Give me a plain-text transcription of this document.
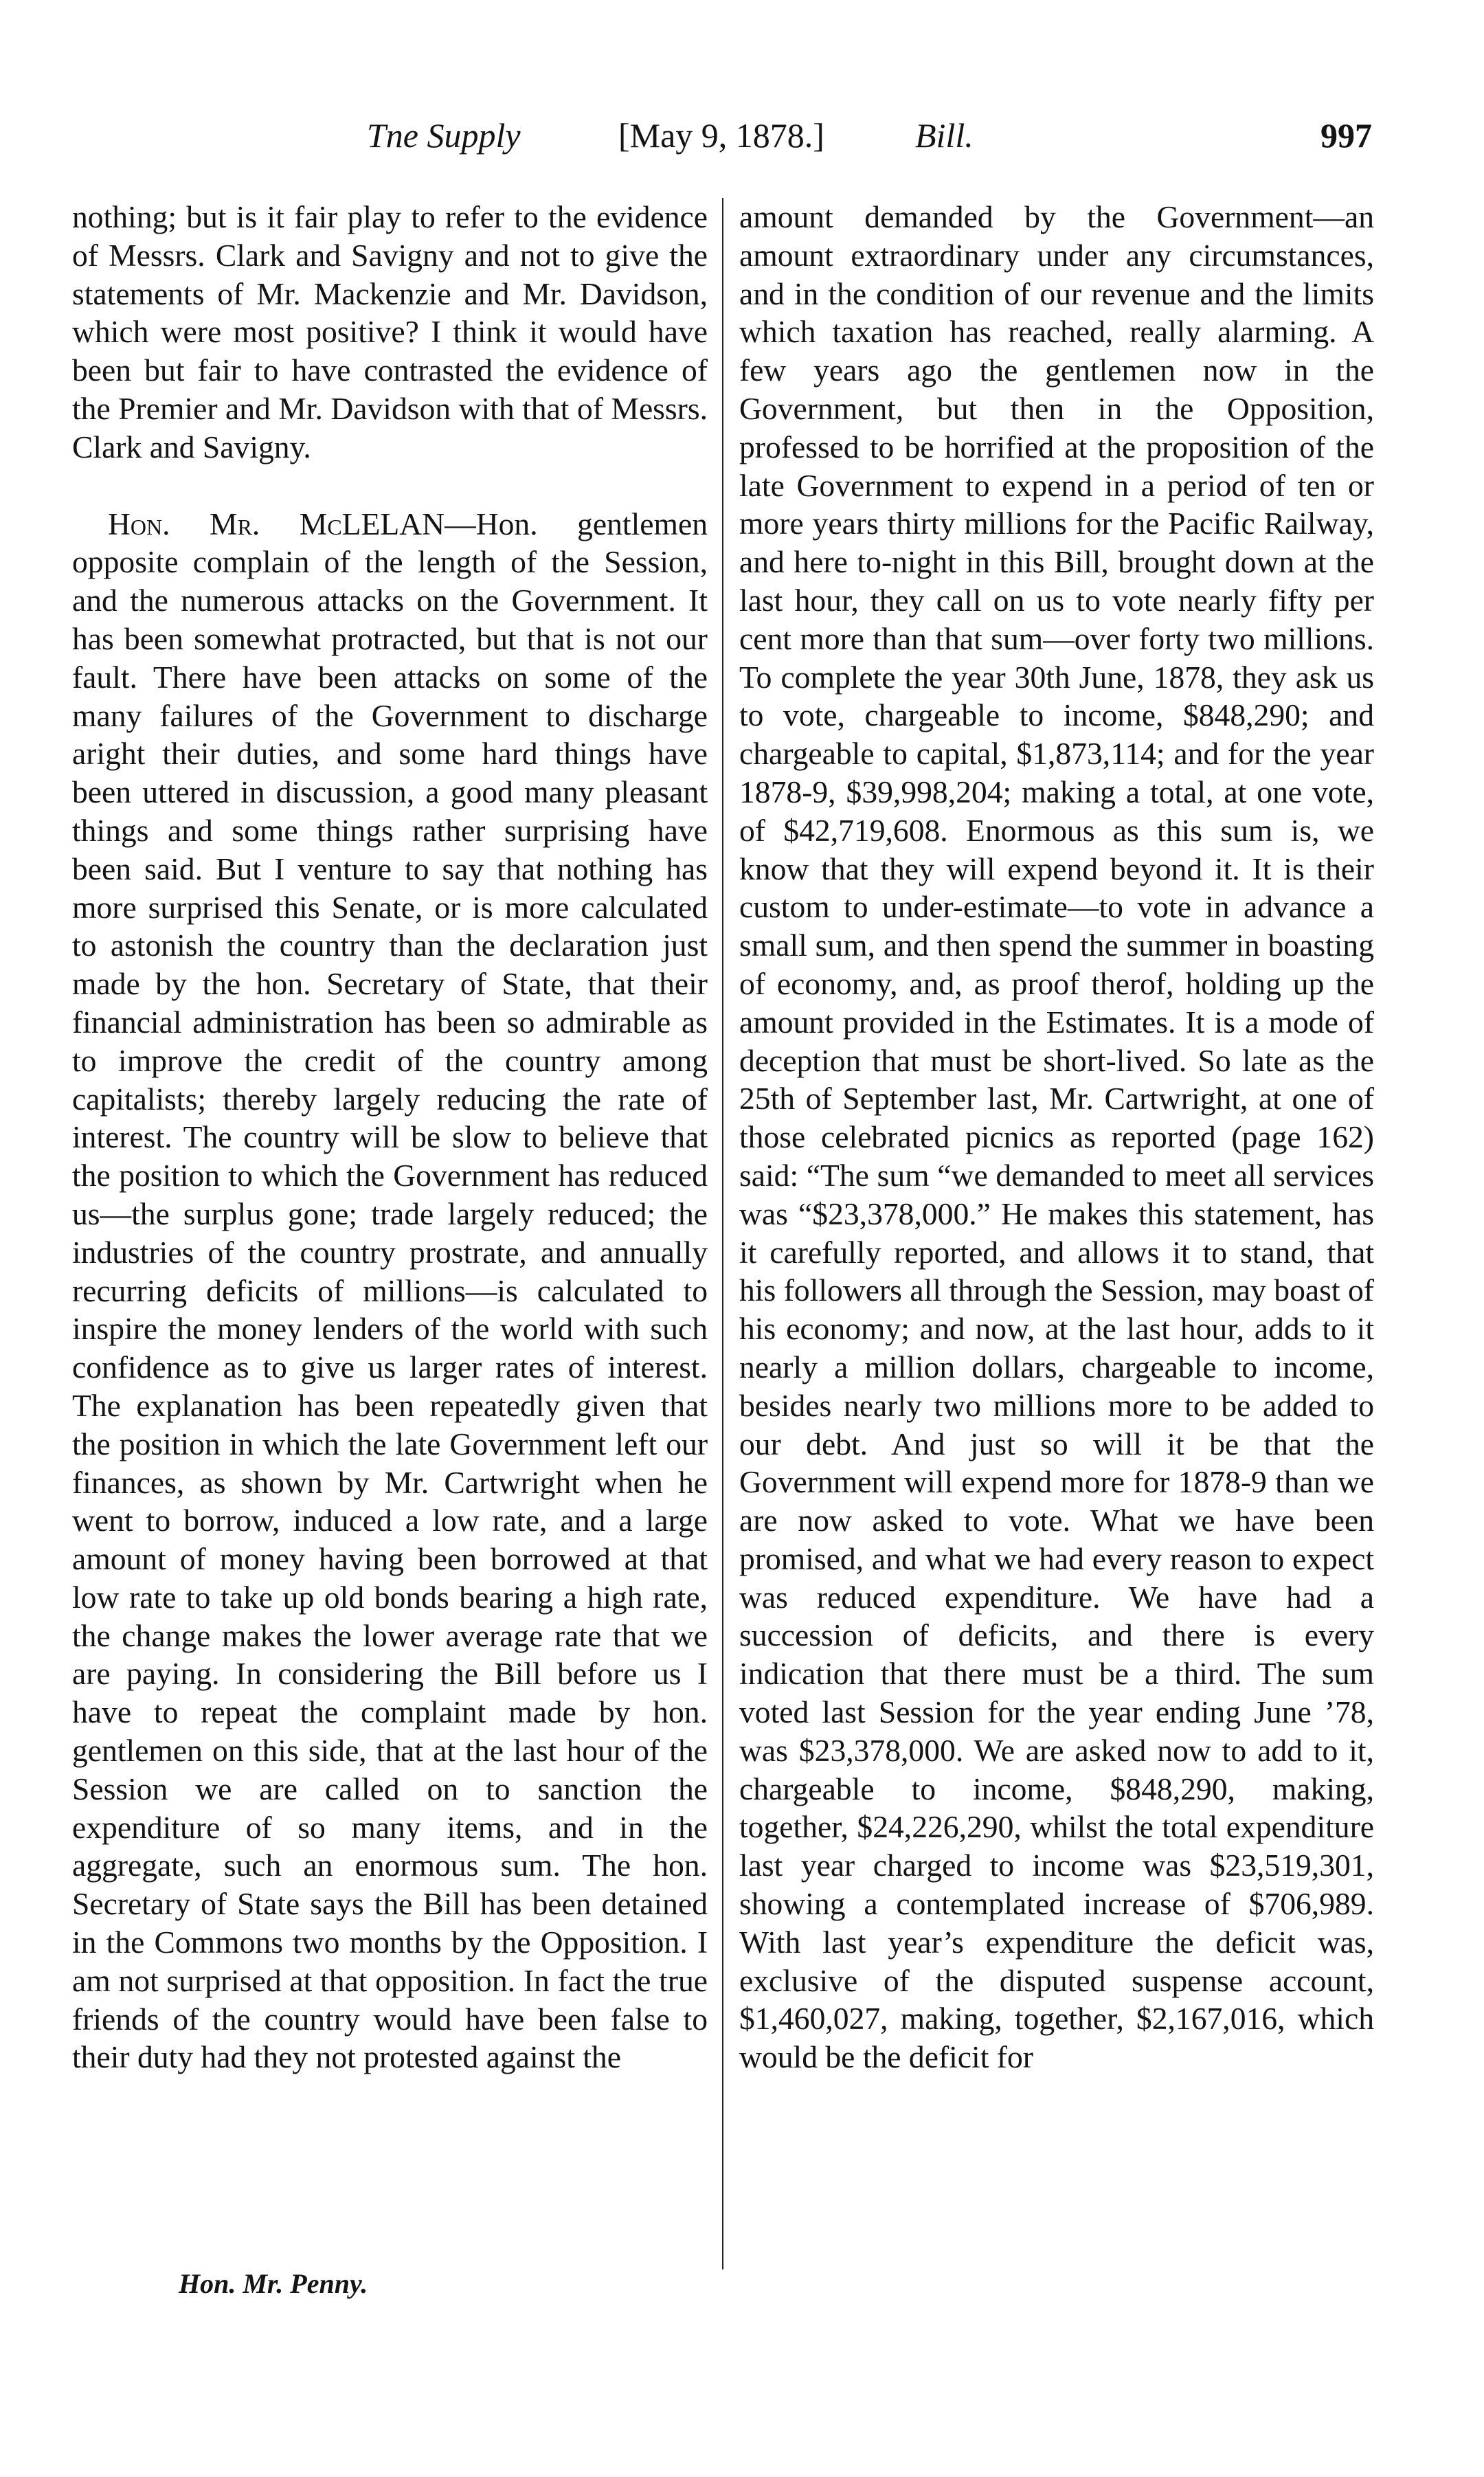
Tne Supply	[May 9, 1878.]	Bill.	997

nothing; but is it fair play to refer to the evidence of Messrs. Clark and Savigny and not to give the statements of Mr. Mackenzie and Mr. Davidson, which were most positive? I think it would have been but fair to have contrasted the evidence of the Premier and Mr. Davidson with that of Messrs. Clark and Savigny.

Hon. Mr. McLELAN—Hon. gentlemen opposite complain of the length of the Session, and the numerous attacks on the Government. It has been somewhat protracted, but that is not our fault. There have been attacks on some of the many failures of the Government to discharge aright their duties, and some hard things have been uttered in discussion, a good many pleasant things and some things rather surprising have been said. But I venture to say that nothing has more surprised this Senate, or is more calculated to astonish the country than the declaration just made by the hon. Secretary of State, that their financial administration has been so admirable as to improve the credit of the country among capitalists; thereby largely reducing the rate of interest. The country will be slow to believe that the position to which the Government has reduced us—the surplus gone; trade largely reduced; the industries of the country prostrate, and annually recurring deficits of millions—is calculated to inspire the money lenders of the world with such confidence as to give us larger rates of interest. The explanation has been repeatedly given that the position in which the late Government left our finances, as shown by Mr. Cartwright when he went to borrow, induced a low rate, and a large amount of money having been borrowed at that low rate to take up old bonds bearing a high rate, the change makes the lower average rate that we are paying. In considering the Bill before us I have to repeat the complaint made by hon. gentlemen on this side, that at the last hour of the Session we are called on to sanction the expenditure of so many items, and in the aggregate, such an enormous sum. The hon. Secretary of State says the Bill has been detained in the Commons two months by the Opposition. I am not surprised at that opposition. In fact the true friends of the country would have been false to their duty had they not protested against the

amount demanded by the Government—an amount extraordinary under any circumstances, and in the condition of our revenue and the limits which taxation has reached, really alarming. A few years ago the gentlemen now in the Government, but then in the Opposition, professed to be horrified at the proposition of the late Government to expend in a period of ten or more years thirty millions for the Pacific Railway, and here to-night in this Bill, brought down at the last hour, they call on us to vote nearly fifty per cent more than that sum—over forty two millions. To complete the year 30th June, 1878, they ask us to vote, chargeable to income, $848,290; and chargeable to capital, $1,873,114; and for the year 1878-9, $39,998,204; making a total, at one vote, of $42,719,608. Enormous as this sum is, we know that they will expend beyond it. It is their custom to under-estimate—to vote in advance a small sum, and then spend the summer in boasting of economy, and, as proof therof, holding up the amount provided in the Estimates. It is a mode of deception that must be short-lived. So late as the 25th of September last, Mr. Cartwright, at one of those celebrated picnics as reported (page 162) said: “The sum “we demanded to meet all services was “$23,378,000.” He makes this statement, has it carefully reported, and allows it to stand, that his followers all through the Session, may boast of his economy; and now, at the last hour, adds to it nearly a million dollars, chargeable to income, besides nearly two millions more to be added to our debt. And just so will it be that the Government will expend more for 1878-9 than we are now asked to vote. What we have been promised, and what we had every reason to expect was reduced expenditure. We have had a succession of deficits, and there is every indication that there must be a third. The sum voted last Session for the year ending June ’78, was $23,378,000. We are asked now to add to it, chargeable to income, $848,290, making, together, $24,226,290, whilst the total expenditure last year charged to income was $23,519,301, showing a contemplated increase of $706,989. With last year’s expenditure the deficit was, exclusive of the disputed suspense account, $1,460,027, making, together, $2,167,016, which would be the deficit for

Hon. Mr. Penny.
